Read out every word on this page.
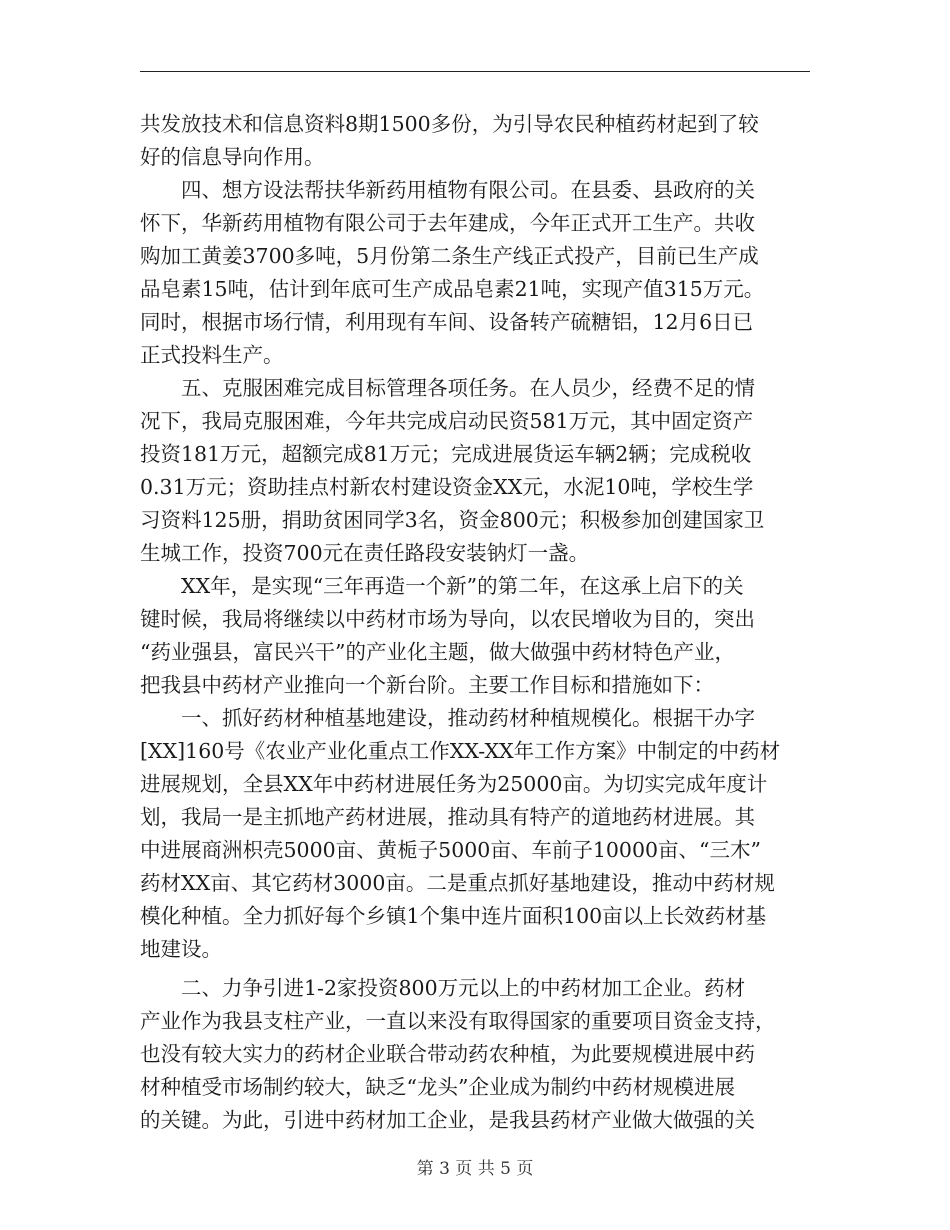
共发放技术和信息资料8期1500多份，为引导农民种植药材起到了较
好的信息导向作用。
四、想方设法帮扶华新药用植物有限公司。在县委、县政府的关
怀下，华新药用植物有限公司于去年建成，今年正式开工生产。共收
购加工黄姜3700多吨，5月份第二条生产线正式投产，目前已生产成
品皂素15吨，估计到年底可生产成品皂素21吨，实现产值315万元。
同时，根据市场行情，利用现有车间、设备转产硫糖铝，12月6日已
正式投料生产。
五、克服困难完成目标管理各项任务。在人员少，经费不足的情
况下，我局克服困难，今年共完成启动民资581万元，其中固定资产
投资181万元，超额完成81万元；完成进展货运车辆2辆；完成税收
0.31万元；资助挂点村新农村建设资金XX元，水泥10吨，学校生学
习资料125册，捐助贫困同学3名，资金800元；积极参加创建国家卫
生城工作，投资700元在责任路段安装钠灯一盏。
XX年，是实现“三年再造一个新”的第二年，在这承上启下的关
键时候，我局将继续以中药材市场为导向，以农民增收为目的，突出
“药业强县，富民兴干”的产业化主题，做大做强中药材特色产业，
把我县中药材产业推向一个新台阶。主要工作目标和措施如下：
一、抓好药材种植基地建设，推动药材种植规模化。根据干办字
[XX]160号《农业产业化重点工作XX-XX年工作方案》中制定的中药材
进展规划，全县XX年中药材进展任务为25000亩。为切实完成年度计
划，我局一是主抓地产药材进展，推动具有特产的道地药材进展。其
中进展商洲枳壳5000亩、黄栀子5000亩、车前子10000亩、“三木”
药材XX亩、其它药材3000亩。二是重点抓好基地建设，推动中药材规
模化种植。全力抓好每个乡镇1个集中连片面积100亩以上长效药材基
地建设。
二、力争引进1-2家投资800万元以上的中药材加工企业。药材
产业作为我县支柱产业，一直以来没有取得国家的重要项目资金支持，
也没有较大实力的药材企业联合带动药农种植，为此要规模进展中药
材种植受市场制约较大，缺乏“龙头”企业成为制约中药材规模进展
的关键。为此，引进中药材加工企业，是我县药材产业做大做强的关
第 3 页 共 5 页
